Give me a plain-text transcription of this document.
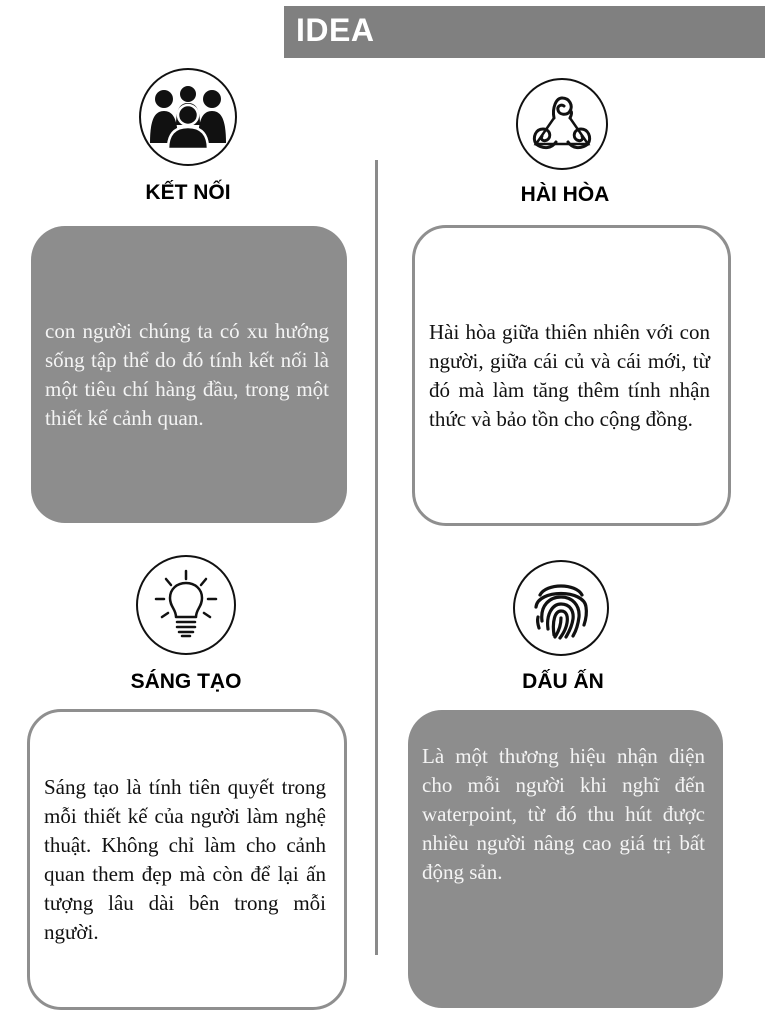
IDEA
KẾT NỐI

con người chúng ta có xu hướng sống tập thể do đó tính kết nối là một tiêu chí hàng đầu, trong một thiết kế cảnh quan.

HÀI HÒA

Hài hòa giữa thiên nhiên với con người, giữa cái củ và cái mới, từ đó mà làm tăng thêm tính nhận thức và bảo tồn cho cộng đồng.

SÁNG TẠO

Sáng tạo là tính tiên quyết trong mỗi thiết kế của người làm nghệ thuật. Không chỉ làm cho cảnh quan them đẹp mà còn để lại ấn tượng lâu dài bên trong mỗi người.

DẤU ẤN

Là một thương hiệu nhận diện cho mỗi người khi nghĩ đến waterpoint, từ đó thu hút được nhiều người nâng cao giá trị bất động sản.
